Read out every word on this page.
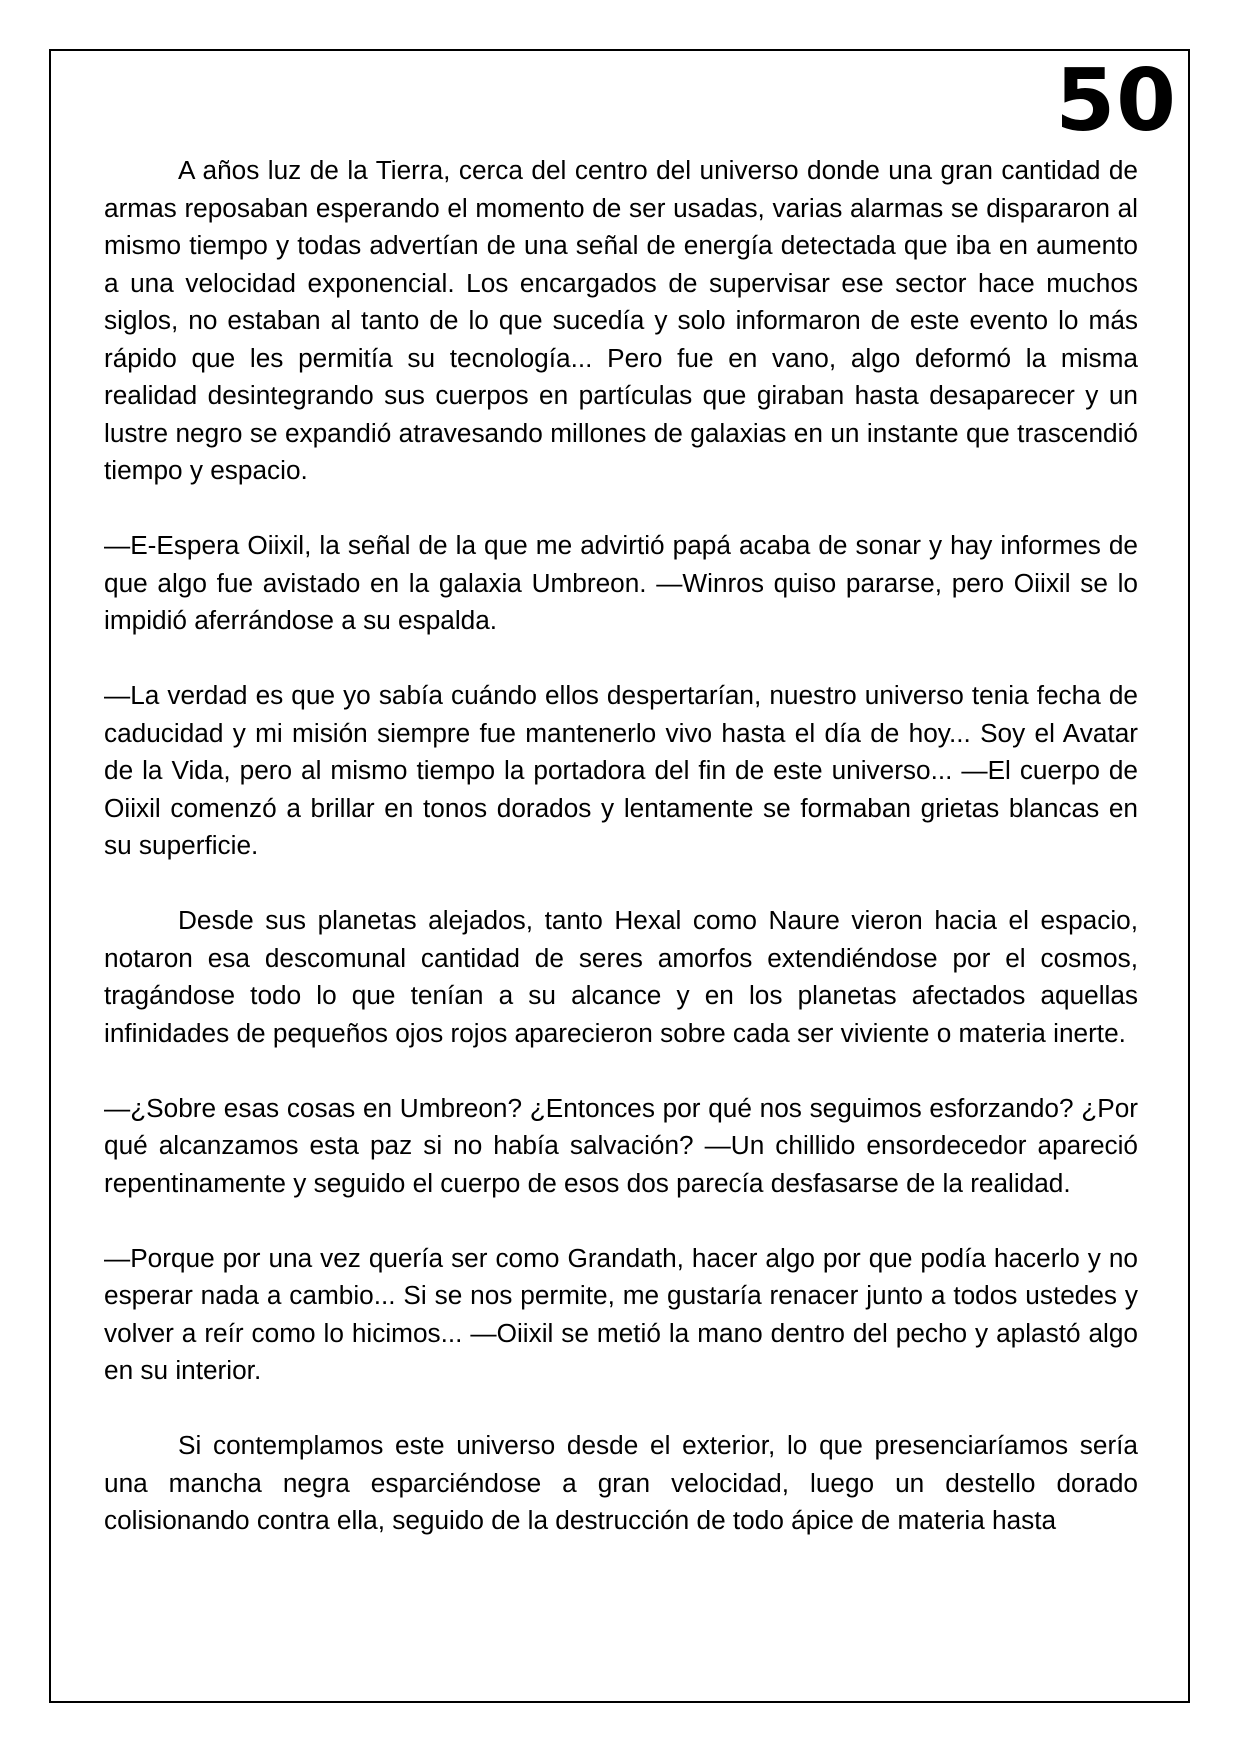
50

A años luz de la Tierra, cerca del centro del universo donde una gran cantidad de armas reposaban esperando el momento de ser usadas, varias alarmas se dispararon al mismo tiempo y todas advertían de una señal de energía detectada que iba en aumento a una velocidad exponencial. Los encargados de supervisar ese sector hace muchos siglos, no estaban al tanto de lo que sucedía y solo informaron de este evento lo más rápido que les permitía su tecnología... Pero fue en vano, algo deformó la misma realidad desintegrando sus cuerpos en partículas que giraban hasta desaparecer y un lustre negro se expandió atravesando millones de galaxias en un instante que trascendió tiempo y espacio.

—E-Espera Oiixil, la señal de la que me advirtió papá acaba de sonar y hay informes de que algo fue avistado en la galaxia Umbreon. —Winros quiso pararse, pero Oiixil se lo impidió aferrándose a su espalda.

—La verdad es que yo sabía cuándo ellos despertarían, nuestro universo tenia fecha de caducidad y mi misión siempre fue mantenerlo vivo hasta el día de hoy... Soy el Avatar de la Vida, pero al mismo tiempo la portadora del fin de este universo... —El cuerpo de Oiixil comenzó a brillar en tonos dorados y lentamente se formaban grietas blancas en su superficie.

Desde sus planetas alejados, tanto Hexal como Naure vieron hacia el espacio, notaron esa descomunal cantidad de seres amorfos extendiéndose por el cosmos, tragándose todo lo que tenían a su alcance y en los planetas afectados aquellas infinidades de pequeños ojos rojos aparecieron sobre cada ser viviente o materia inerte.

—¿Sobre esas cosas en Umbreon? ¿Entonces por qué nos seguimos esforzando? ¿Por qué alcanzamos esta paz si no había salvación? —Un chillido ensordecedor apareció repentinamente y seguido el cuerpo de esos dos parecía desfasarse de la realidad.

—Porque por una vez quería ser como Grandath, hacer algo por que podía hacerlo y no esperar nada a cambio... Si se nos permite, me gustaría renacer junto a todos ustedes y volver a reír como lo hicimos... —Oiixil se metió la mano dentro del pecho y aplastó algo en su interior.

Si contemplamos este universo desde el exterior, lo que presenciaríamos sería una mancha negra esparciéndose a gran velocidad, luego un destello dorado colisionando contra ella, seguido de la destrucción de todo ápice de materia hasta
